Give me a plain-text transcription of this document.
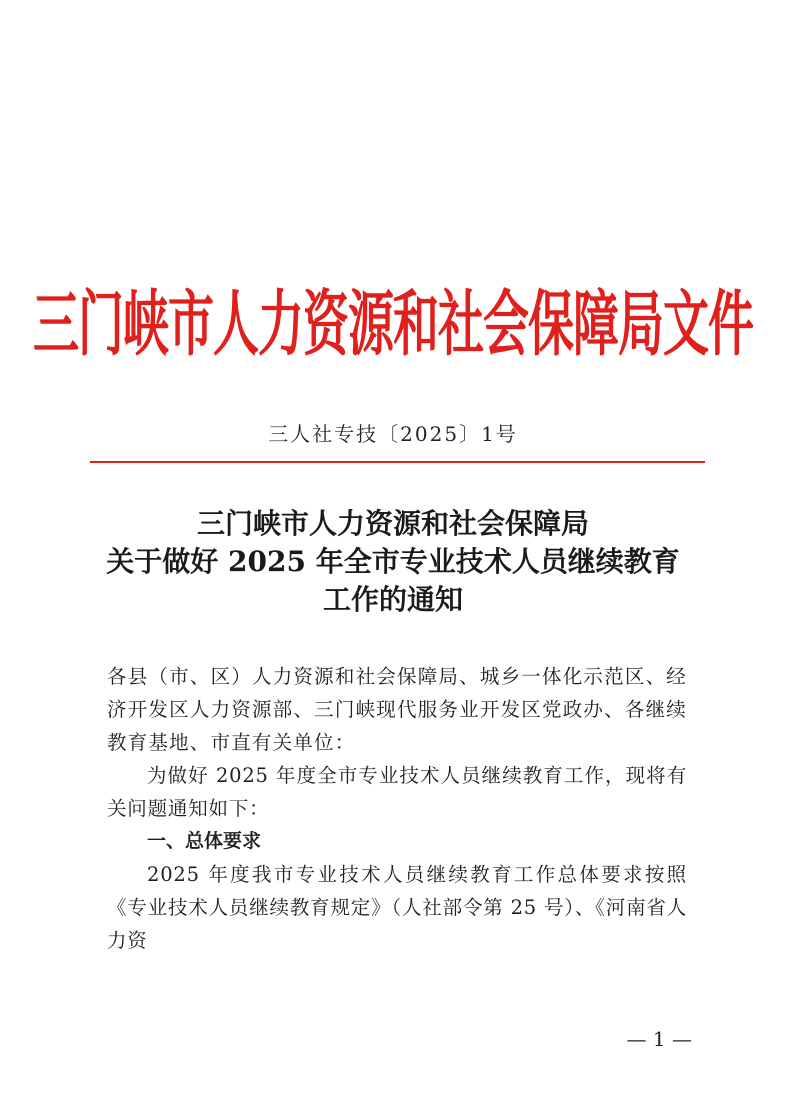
三门峡市人力资源和社会保障局文件
三人社专技〔2025〕1号
三门峡市人力资源和社会保障局
关于做好 2025 年全市专业技术人员继续教育
工作的通知

各县（市、区）人力资源和社会保障局、城乡一体化示范区、经济开发区人力资源部、三门峡现代服务业开发区党政办、各继续教育基地、市直有关单位：

为做好 2025 年度全市专业技术人员继续教育工作，现将有关问题通知如下：

一、总体要求

2025 年度我市专业技术人员继续教育工作总体要求按照《专业技术人员继续教育规定》（人社部令第 25 号）、《河南省人力资

— 1 —
